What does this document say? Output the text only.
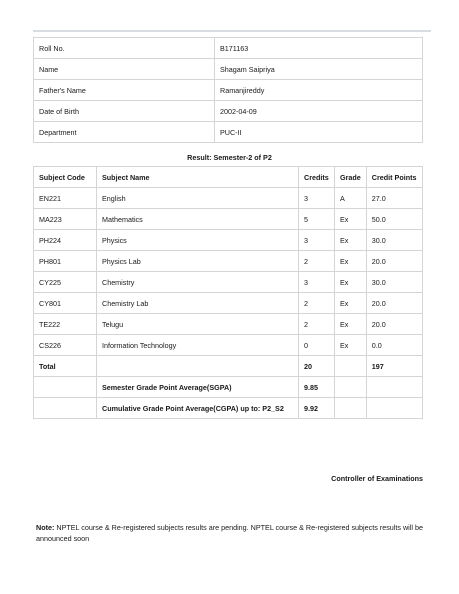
Roll No.	B171163
Name	Shagam Saipriya
Father's Name	Ramanjireddy
Date of Birth	2002-04-09
Department	PUC-II
Result: Semester-2 of P2
Subject Code	Subject Name	Credits	Grade	Credit Points
EN221	English	3	A	27.0
MA223	Mathematics	5	Ex	50.0
PH224	Physics	3	Ex	30.0
PH801	Physics Lab	2	Ex	20.0
CY225	Chemistry	3	Ex	30.0
CY801	Chemistry Lab	2	Ex	20.0
TE222	Telugu	2	Ex	20.0
CS226	Information Technology	0	Ex	0.0
Total		20		197
	Semester Grade Point Average(SGPA)	9.85		
	Cumulative Grade Point Average(CGPA) up to: P2_S2	9.92		
Controller of Examinations
Note: NPTEL course & Re-registered subjects results are pending. NPTEL course & Re-registered subjects results will be announced soon
